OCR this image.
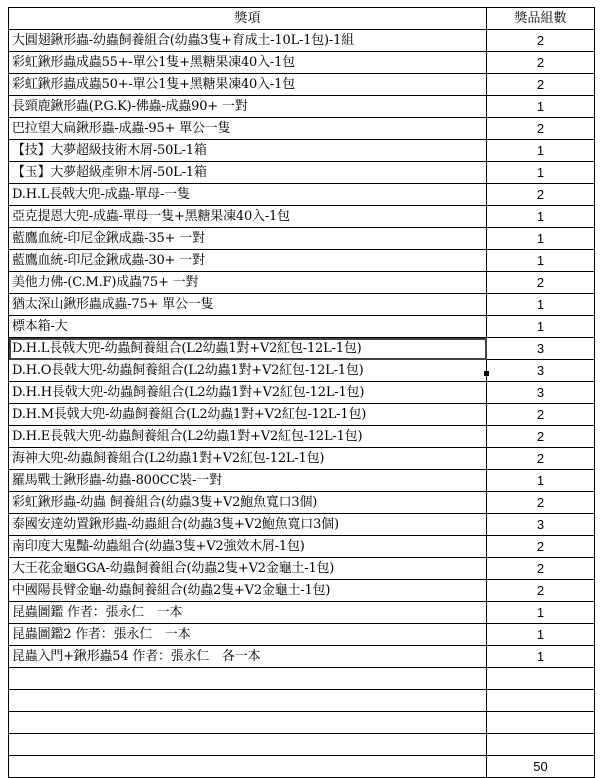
獎項	獎品組數
大圓翅鍬形蟲-幼蟲飼養組合(幼蟲3隻+育成土-10L-1包)-1組	2
彩虹鍬形蟲成蟲55+-單公1隻+黑糖果凍40入-1包	2
彩虹鍬形蟲成蟲50+-單公1隻+黑糖果凍40入-1包	2
長頸鹿鍬形蟲(P.G.K)-佛蟲-成蟲90+ 一對	1
巴拉望大扁鍬形蟲-成蟲-95+ 單公一隻	2
【技】大夢超級技術木屑-50L-1箱	1
【玉】大夢超級產卵木屑-50L-1箱	1
D.H.L長戟大兜-成蟲-單母-一隻	2
亞克提恩大兜-成蟲-單母一隻+黑糖果凍40入-1包	1
藍鷹血統-印尼金鍬成蟲-35+ 一對	1
藍鷹血統-印尼金鍬成蟲-30+ 一對	1
美他力佛-(C.M.F)成蟲75+ 一對	2
猶太深山鍬形蟲成蟲-75+ 單公一隻	1
標本箱-大	1
D.H.L長戟大兜-幼蟲飼養組合(L2幼蟲1對+V2紅包-12L-1包)	3
D.H.O長戟大兜-幼蟲飼養組合(L2幼蟲1對+V2紅包-12L-1包)	3
D.H.H長戟大兜-幼蟲飼養組合(L2幼蟲1對+V2紅包-12L-1包)	3
D.H.M長戟大兜-幼蟲飼養組合(L2幼蟲1對+V2紅包-12L-1包)	2
D.H.E長戟大兜-幼蟲飼養組合(L2幼蟲1對+V2紅包-12L-1包)	2
海神大兜-幼蟲飼養組合(L2幼蟲1對+V2紅包-12L-1包)	2
羅馬戰士鍬形蟲-幼蟲-800CC裝-一對	1
彩虹鍬形蟲-幼蟲 飼養組合(幼蟲3隻+V2鮑魚寬口3個)	2
泰國安達幼置鍬形蟲-幼蟲組合(幼蟲3隻+V2鮑魚寬口3個)	3
南印度大鬼豔-幼蟲組合(幼蟲3隻+V2強效木屑-1包)	2
大王花金龜GGA-幼蟲飼養組合(幼蟲2隻+V2金龜土-1包)	2
中國陽長臂金龜-幼蟲飼養組合(幼蟲2隻+V2金龜土-1包)	2
昆蟲圖鑑 作者：張永仁　一本	1
昆蟲圖鑑2 作者：張永仁　一本	1
昆蟲入門+鍬形蟲54 作者：張永仁　各一本	1

	50
